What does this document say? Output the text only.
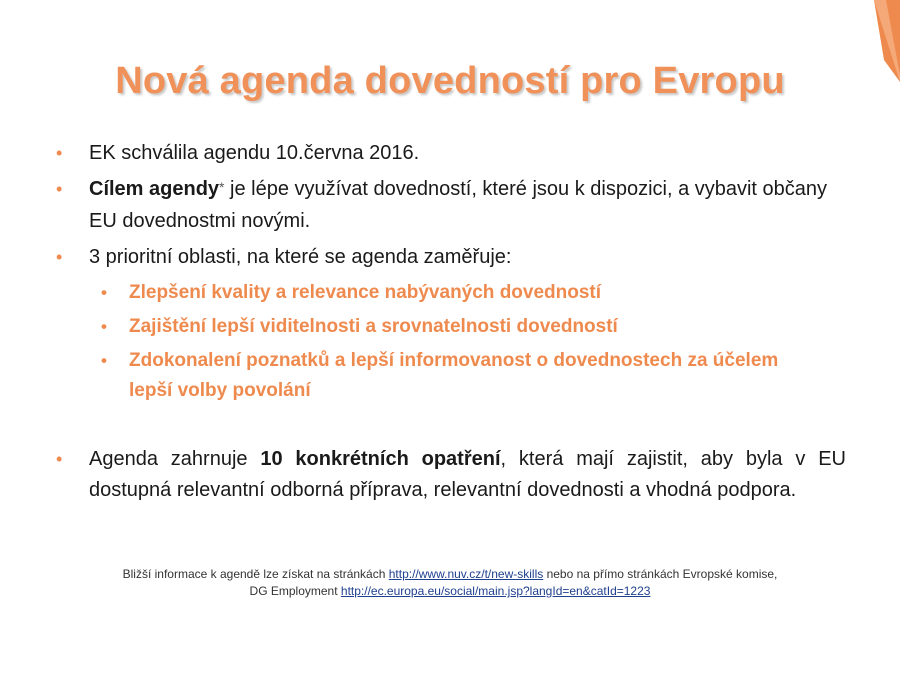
Nová agenda dovedností pro Evropu
• EK schválila agendu 10.června 2016.
• Cílem agendy* je lépe využívat dovedností, které jsou k dispozici, a vybavit občany EU dovednostmi novými.
• 3 prioritní oblasti, na které se agenda zaměřuje:
• Zlepšení kvality a relevance nabývaných dovedností
• Zajištění lepší viditelnosti a srovnatelnosti dovedností
• Zdokonalení poznatků a lepší informovanost o dovednostech za účelem lepší volby povolání
• Agenda zahrnuje 10 konkrétních opatření, která mají zajistit, aby byla v EU dostupná relevantní odborná příprava, relevantní dovednosti a vhodná podpora.
Bližší informace k agendě lze získat na stránkách http://www.nuv.cz/t/new-skills nebo na přímo stránkách Evropské komise,
DG Employment http://ec.europa.eu/social/main.jsp?langId=en&catId=1223
